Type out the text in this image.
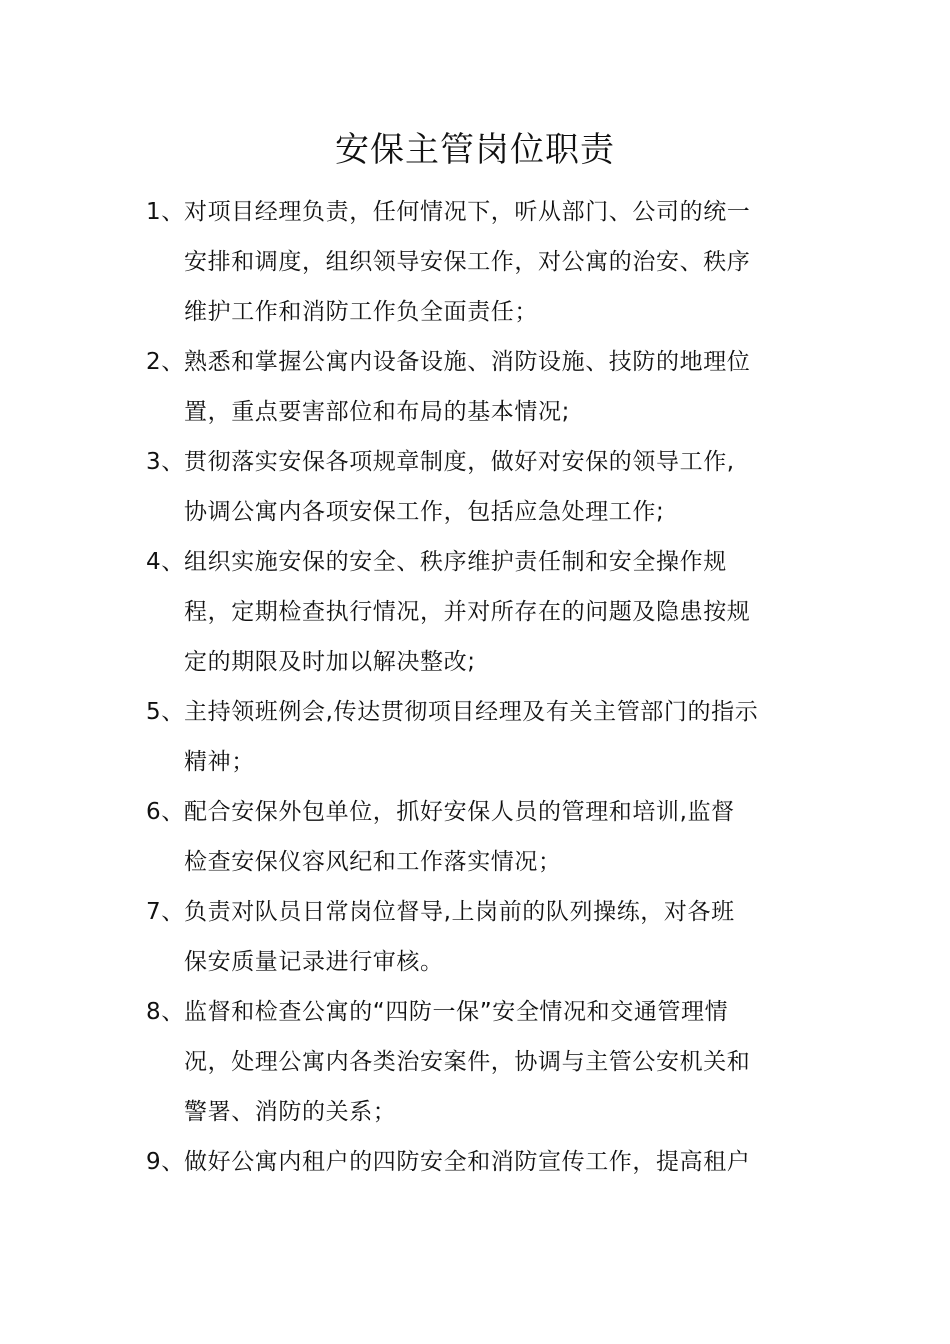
安保主管岗位职责
1、 对项目经理负责，任何情况下，听从部门、公司的统一
安排和调度，组织领导安保工作，对公寓的治安、秩序
维护工作和消防工作负全面责任；
2、 熟悉和掌握公寓内设备设施、消防设施、技防的地理位
置，重点要害部位和布局的基本情况;
3、 贯彻落实安保各项规章制度，做好对安保的领导工作,
协调公寓内各项安保工作，包括应急处理工作;
4、 组织实施安保的安全、秩序维护责任制和安全操作规
程，定期检查执行情况，并对所存在的问题及隐患按规
定的期限及时加以解决整改;
5、 主持领班例会,传达贯彻项目经理及有关主管部门的指示
精神；
6、 配合安保外包单位，抓好安保人员的管理和培训,监督
检查安保仪容风纪和工作落实情况；
7、 负责对队员日常岗位督导,上岗前的队列操练，对各班
保安质量记录进行审核。
8、 监督和检查公寓的“四防一保”安全情况和交通管理情
况，处理公寓内各类治安案件，协调与主管公安机关和
警署、消防的关系；
9、 做好公寓内租户的四防安全和消防宣传工作，提高租户
